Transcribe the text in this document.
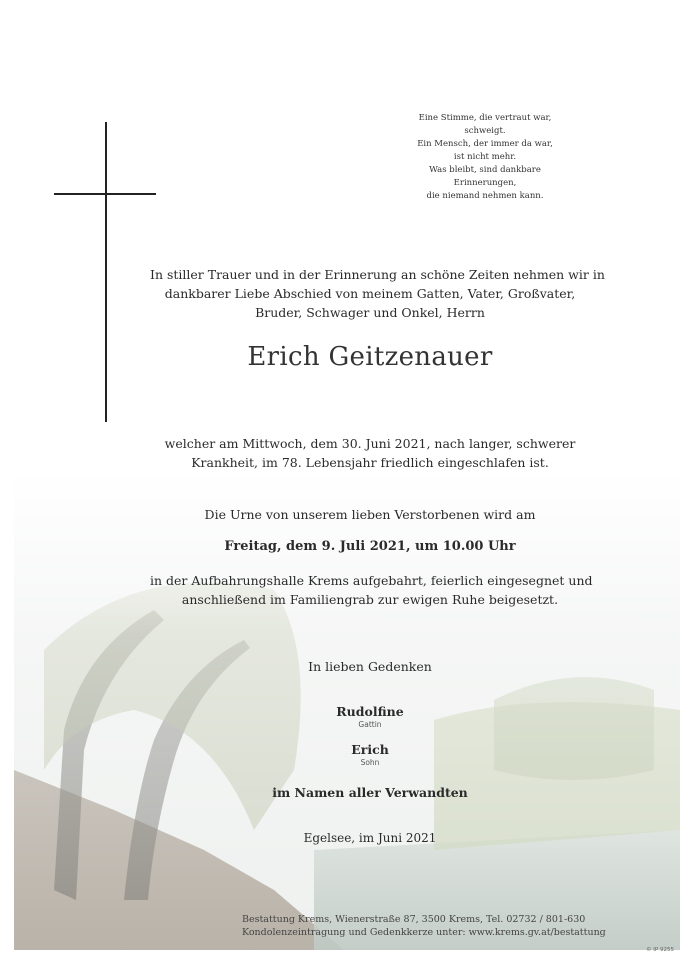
Eine Stimme, die vertraut war,
schweigt.
Ein Mensch, der immer da war,
ist nicht mehr.
Was bleibt, sind dankbare
Erinnerungen,
die niemand nehmen kann.
In stiller Trauer und in der Erinnerung an schöne Zeiten nehmen wir in
dankbarer Liebe Abschied von meinem Gatten, Vater, Großvater,
Bruder, Schwager und Onkel, Herrn
Erich Geitzenauer
welcher am Mittwoch, dem 30. Juni 2021, nach langer, schwerer
Krankheit, im 78. Lebensjahr friedlich eingeschlafen ist.
Die Urne von unserem lieben Verstorbenen wird am
Freitag, dem 9. Juli 2021, um 10.00 Uhr
in der Aufbahrungshalle Krems aufgebahrt, feierlich eingesegnet und
anschließend im Familiengrab zur ewigen Ruhe beigesetzt.
In lieben Gedenken
Rudolfine
Gattin
Erich
Sohn
im Namen aller Verwandten
Egelsee, im Juni 2021
Bestattung Krems, Wienerstraße 87, 3500 Krems, Tel. 02732 / 801-630
Kondolenzeintragung und Gedenkkerze unter: www.krems.gv.at/bestattung
© IP 9255
